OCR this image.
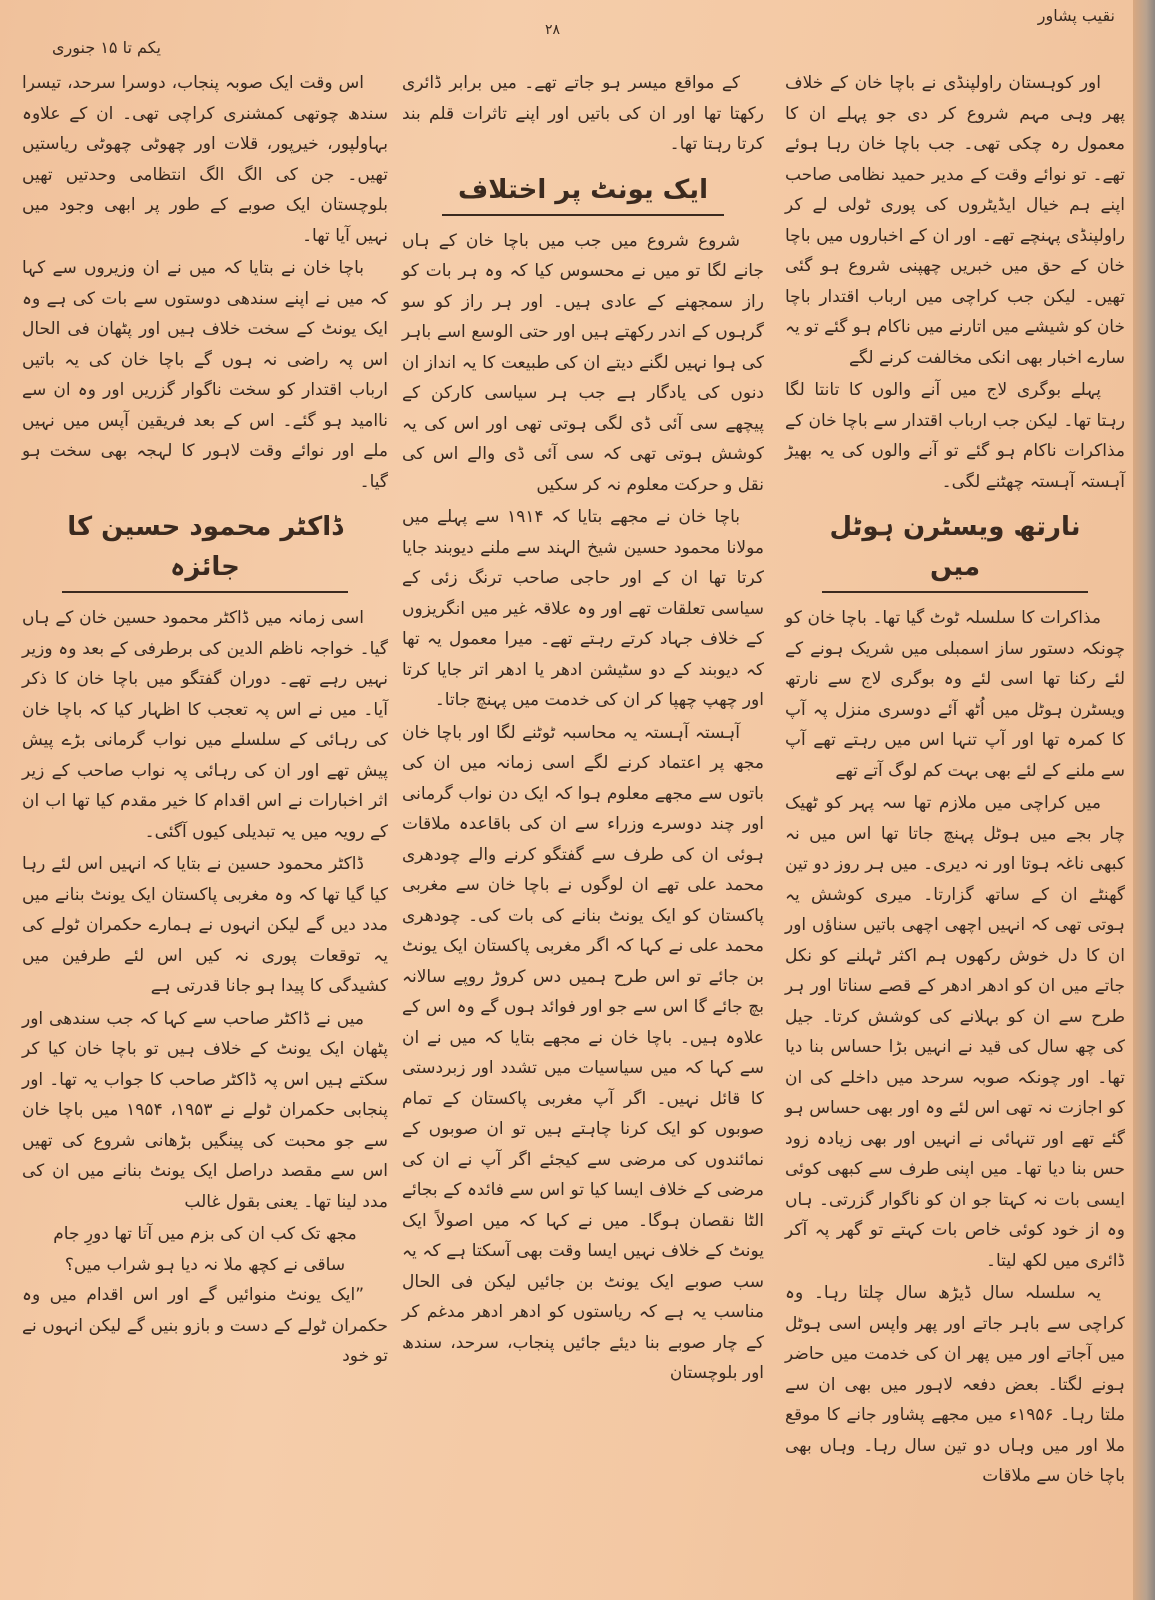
نقیب پشاور
۲۸
یکم تا ۱۵ جنوری

اور کوہستان راولپنڈی نے باچا خان کے خلاف پھر وہی مہم شروع کر دی جو پہلے ان کا معمول رہ چکی تھی۔ جب باچا خان رہا ہوئے تھے۔ تو نوائے وقت کے مدیر حمید نظامی صاحب اپنے ہم خیال ایڈیٹروں کی پوری ٹولی لے کر راولپنڈی پہنچے تھے۔ اور ان کے اخباروں میں باچا خان کے حق میں خبریں چھپنی شروع ہو گئی تھیں۔ لیکن جب کراچی میں ارباب اقتدار باچا خان کو شیشے میں اتارنے میں ناکام ہو گئے تو یہ سارے اخبار بھی انکی مخالفت کرنے لگے

پہلے بوگری لاج میں آنے والوں کا تانتا لگا رہتا تھا۔ لیکن جب ارباب اقتدار سے باچا خان کے مذاکرات ناکام ہو گئے تو آنے والوں کی یہ بھیڑ آہستہ آہستہ چھٹنے لگی۔

نارتھ ویسٹرن ہوٹل میں

مذاکرات کا سلسلہ ٹوٹ گیا تھا۔ باچا خان کو چونکہ دستور ساز اسمبلی میں شریک ہونے کے لئے رکنا تھا اسی لئے وہ بوگری لاج سے نارتھ ویسٹرن ہوٹل میں اُٹھ آئے دوسری منزل پہ آپ کا کمرہ تھا اور آپ تنہا اس میں رہتے تھے آپ سے ملنے کے لئے بھی بہت کم لوگ آتے تھے

میں کراچی میں ملازم تھا سہ پہر کو ٹھیک چار بجے میں ہوٹل پہنچ جاتا تھا اس میں نہ کبھی ناغہ ہوتا اور نہ دیری۔ میں ہر روز دو تین گھنٹے ان کے ساتھ گزارتا۔ میری کوشش یہ ہوتی تھی کہ انہیں اچھی اچھی باتیں سناؤں اور ان کا دل خوش رکھوں ہم اکثر ٹہلنے کو نکل جاتے میں ان کو ادھر ادھر کے قصے سناتا اور ہر طرح سے ان کو بہلانے کی کوشش کرتا۔ جیل کی چھ سال کی قید نے انہیں بڑا حساس بنا دیا تھا۔ اور چونکہ صوبہ سرحد میں داخلے کی ان کو اجازت نہ تھی اس لئے وہ اور بھی حساس ہو گئے تھے اور تنہائی نے انہیں اور بھی زیادہ زود حس بنا دیا تھا۔ میں اپنی طرف سے کبھی کوئی ایسی بات نہ کہتا جو ان کو ناگوار گزرتی۔ ہاں وہ از خود کوئی خاص بات کہتے تو گھر پہ آکر ڈائری میں لکھ لیتا۔

یہ سلسلہ سال ڈیڑھ سال چلتا رہا۔ وہ کراچی سے باہر جاتے اور پھر واپس اسی ہوٹل میں آجاتے اور میں پھر ان کی خدمت میں حاضر ہونے لگتا۔ بعض دفعہ لاہور میں بھی ان سے ملتا رہا۔ ۱۹۵۶ء میں مجھے پشاور جانے کا موقع ملا اور میں وہاں دو تین سال رہا۔ وہاں بھی باچا خان سے ملاقات

کے مواقع میسر ہو جاتے تھے۔ میں برابر ڈائری رکھتا تھا اور ان کی باتیں اور اپنے تاثرات قلم بند کرتا رہتا تھا۔

ایک یونٹ پر اختلاف

شروع شروع میں جب میں باچا خان کے ہاں جانے لگا تو میں نے محسوس کیا کہ وہ ہر بات کو راز سمجھنے کے عادی ہیں۔ اور ہر راز کو سو گرہوں کے اندر رکھتے ہیں اور حتی الوسع اسے باہر کی ہوا نہیں لگنے دیتے ان کی طبیعت کا یہ انداز ان دنوں کی یادگار ہے جب ہر سیاسی کارکن کے پیچھے سی آئی ڈی لگی ہوتی تھی اور اس کی یہ کوشش ہوتی تھی کہ سی آئی ڈی والے اس کی نقل و حرکت معلوم نہ کر سکیں

باچا خان نے مجھے بتایا کہ ۱۹۱۴ سے پہلے میں مولانا محمود حسین شیخ الہند سے ملنے دیوبند جایا کرتا تھا ان کے اور حاجی صاحب ترنگ زئی کے سیاسی تعلقات تھے اور وہ علاقہ غیر میں انگریزوں کے خلاف جہاد کرتے رہتے تھے۔ میرا معمول یہ تھا کہ دیوبند کے دو سٹیشن ادھر یا ادھر اتر جایا کرتا اور چھپ چھپا کر ان کی خدمت میں پہنچ جاتا۔

آہستہ آہستہ یہ محاسبہ ٹوٹنے لگا اور باچا خان مجھ پر اعتماد کرنے لگے اسی زمانہ میں ان کی باتوں سے مجھے معلوم ہوا کہ ایک دن نواب گرمانی اور چند دوسرے وزراء سے ان کی باقاعدہ ملاقات ہوئی ان کی طرف سے گفتگو کرنے والے چودھری محمد علی تھے ان لوگوں نے باچا خان سے مغربی پاکستان کو ایک یونٹ بنانے کی بات کی۔ چودھری محمد علی نے کہا کہ اگر مغربی پاکستان ایک یونٹ بن جائے تو اس طرح ہمیں دس کروڑ روپے سالانہ بچ جائے گا اس سے جو اور فوائد ہوں گے وہ اس کے علاوہ ہیں۔ باچا خان نے مجھے بتایا کہ میں نے ان سے کہا کہ میں سیاسیات میں تشدد اور زبردستی کا قائل نہیں۔ اگر آپ مغربی پاکستان کے تمام صوبوں کو ایک کرنا چاہتے ہیں تو ان صوبوں کے نمائندوں کی مرضی سے کیجئے اگر آپ نے ان کی مرضی کے خلاف ایسا کیا تو اس سے فائدہ کے بجائے الٹا نقصان ہوگا۔ میں نے کہا کہ میں اصولاً ایک یونٹ کے خلاف نہیں ایسا وقت بھی آسکتا ہے کہ یہ سب صوبے ایک یونٹ بن جائیں لیکن فی الحال مناسب یہ ہے کہ ریاستوں کو ادھر ادھر مدغم کر کے چار صوبے بنا دیئے جائیں پنجاب، سرحد، سندھ اور بلوچستان

اس وقت ایک صوبہ پنجاب، دوسرا سرحد، تیسرا سندھ چوتھی کمشنری کراچی تھی۔ ان کے علاوہ بہاولپور، خیرپور، قلات اور چھوٹی چھوٹی ریاستیں تھیں۔ جن کی الگ الگ انتظامی وحدتیں تھیں بلوچستان ایک صوبے کے طور پر ابھی وجود میں نہیں آیا تھا۔

باچا خان نے بتایا کہ میں نے ان وزیروں سے کہا کہ میں نے اپنے سندھی دوستوں سے بات کی ہے وہ ایک یونٹ کے سخت خلاف ہیں اور پٹھان فی الحال اس پہ راضی نہ ہوں گے باچا خان کی یہ باتیں ارباب اقتدار کو سخت ناگوار گزریں اور وہ ان سے ناامید ہو گئے۔ اس کے بعد فریقین آپس میں نہیں ملے اور نوائے وقت لاہور کا لہجہ بھی سخت ہو گیا۔

ڈاکٹر محمود حسین کا جائزہ

اسی زمانہ میں ڈاکٹر محمود حسین خان کے ہاں گیا۔ خواجہ ناظم الدین کی برطرفی کے بعد وہ وزیر نہیں رہے تھے۔ دوران گفتگو میں باچا خان کا ذکر آیا۔ میں نے اس پہ تعجب کا اظہار کیا کہ باچا خان کی رہائی کے سلسلے میں نواب گرمانی بڑے پیش پیش تھے اور ان کی رہائی پہ نواب صاحب کے زیر اثر اخبارات نے اس اقدام کا خیر مقدم کیا تھا اب ان کے رویہ میں یہ تبدیلی کیوں آگئی۔

ڈاکٹر محمود حسین نے بتایا کہ انہیں اس لئے رہا کیا گیا تھا کہ وہ مغربی پاکستان ایک یونٹ بنانے میں مدد دیں گے لیکن انہوں نے ہمارے حکمران ٹولے کی یہ توقعات پوری نہ کیں اس لئے طرفین میں کشیدگی کا پیدا ہو جانا قدرتی ہے

میں نے ڈاکٹر صاحب سے کہا کہ جب سندھی اور پٹھان ایک یونٹ کے خلاف ہیں تو باچا خان کیا کر سکتے ہیں اس پہ ڈاکٹر صاحب کا جواب یہ تھا۔ اور پنجابی حکمران ٹولے نے ۱۹۵۳، ۱۹۵۴ میں باچا خان سے جو محبت کی پینگیں بڑھانی شروع کی تھیں اس سے مقصد دراصل ایک یونٹ بنانے میں ان کی مدد لینا تھا۔ یعنی بقول غالب

مجھ تک کب ان کی بزم میں آتا تھا دورِ جام

ساقی نے کچھ ملا نہ دیا ہو شراب میں؟

”ایک یونٹ منوائیں گے اور اس اقدام میں وہ حکمران ٹولے کے دست و بازو بنیں گے لیکن انہوں نے تو خود
